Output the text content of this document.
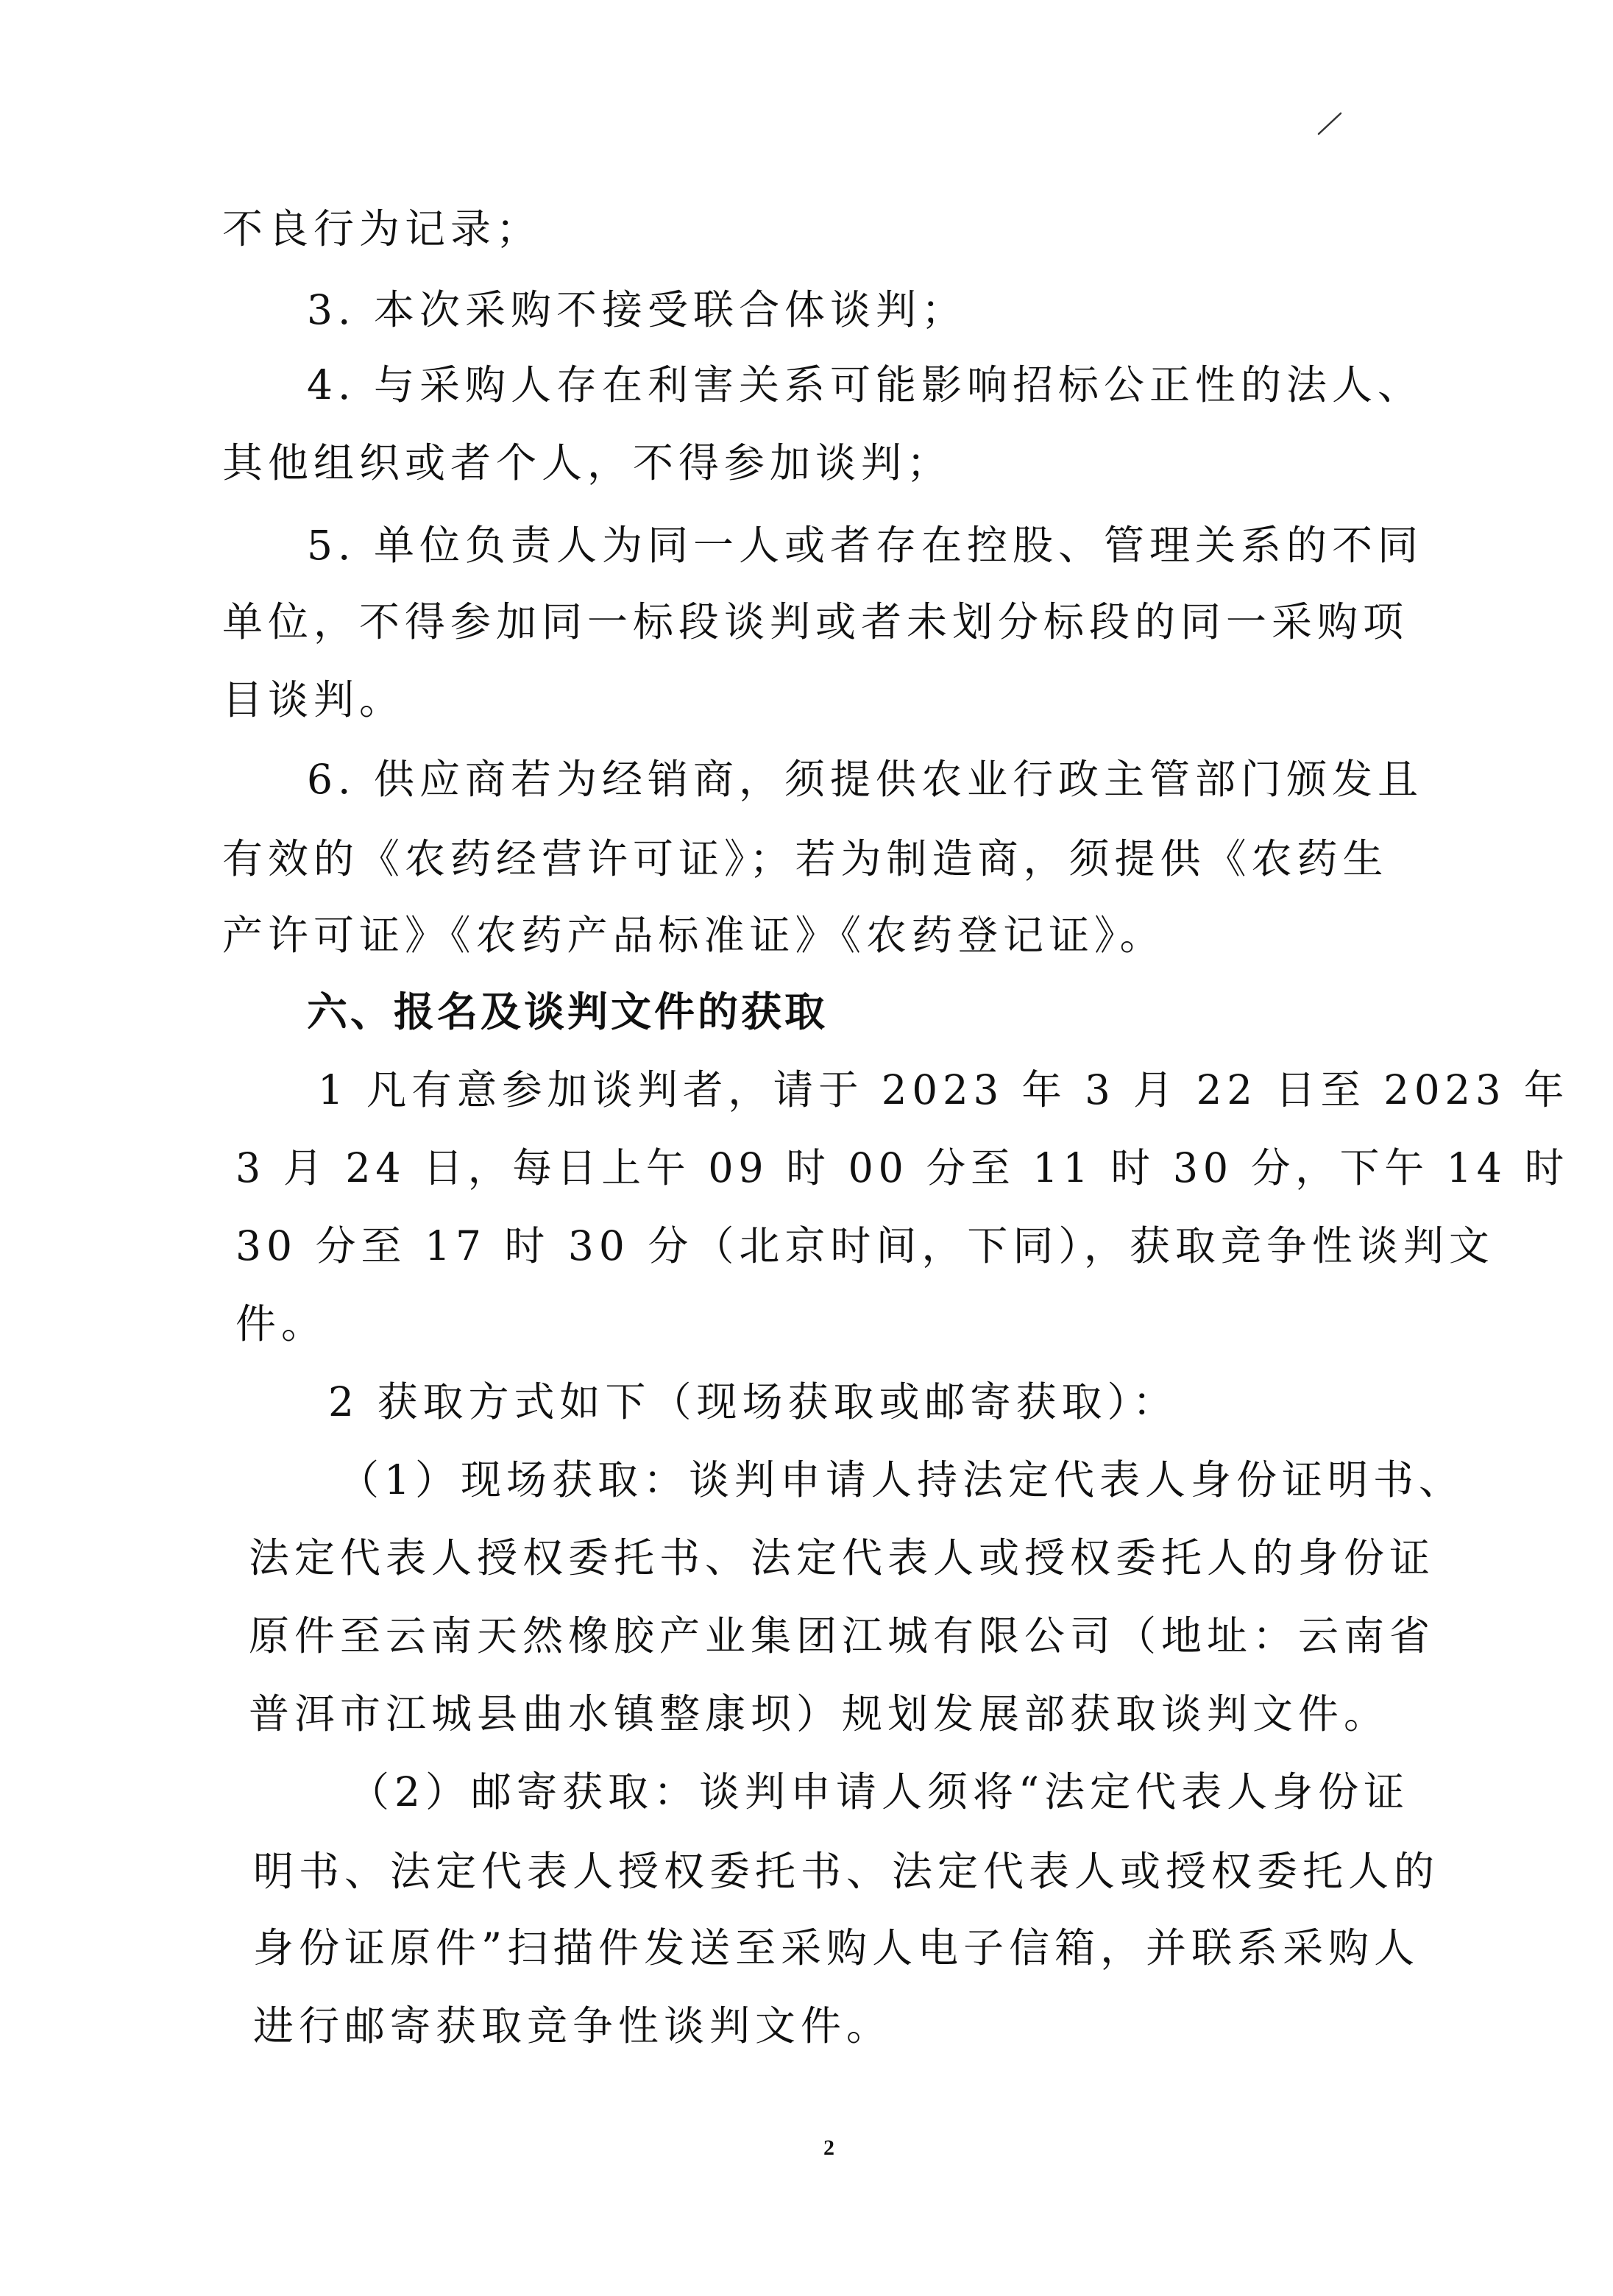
不良行为记录；
3. 本次采购不接受联合体谈判；
4. 与采购人存在利害关系可能影响招标公正性的法人、
其他组织或者个人，不得参加谈判；
5. 单位负责人为同一人或者存在控股、管理关系的不同
单位，不得参加同一标段谈判或者未划分标段的同一采购项
目谈判。
6. 供应商若为经销商，须提供农业行政主管部门颁发且
有效的《农药经营许可证》；若为制造商，须提供《农药生
产许可证》《农药产品标准证》《农药登记证》。
六、报名及谈判文件的获取
1 凡有意参加谈判者，请于 2023 年 3 月 22 日至 2023 年
3 月 24 日，每日上午 09 时 00 分至 11 时 30 分，下午 14 时
30 分至 17 时 30 分（北京时间，下同），获取竞争性谈判文
件。
2 获取方式如下（现场获取或邮寄获取）：
（1）现场获取：谈判申请人持法定代表人身份证明书、
法定代表人授权委托书、法定代表人或授权委托人的身份证
原件至云南天然橡胶产业集团江城有限公司（地址：云南省
普洱市江城县曲水镇整康坝）规划发展部获取谈判文件。
（2）邮寄获取：谈判申请人须将“法定代表人身份证
明书、法定代表人授权委托书、法定代表人或授权委托人的
身份证原件”扫描件发送至采购人电子信箱，并联系采购人
进行邮寄获取竞争性谈判文件。
2
